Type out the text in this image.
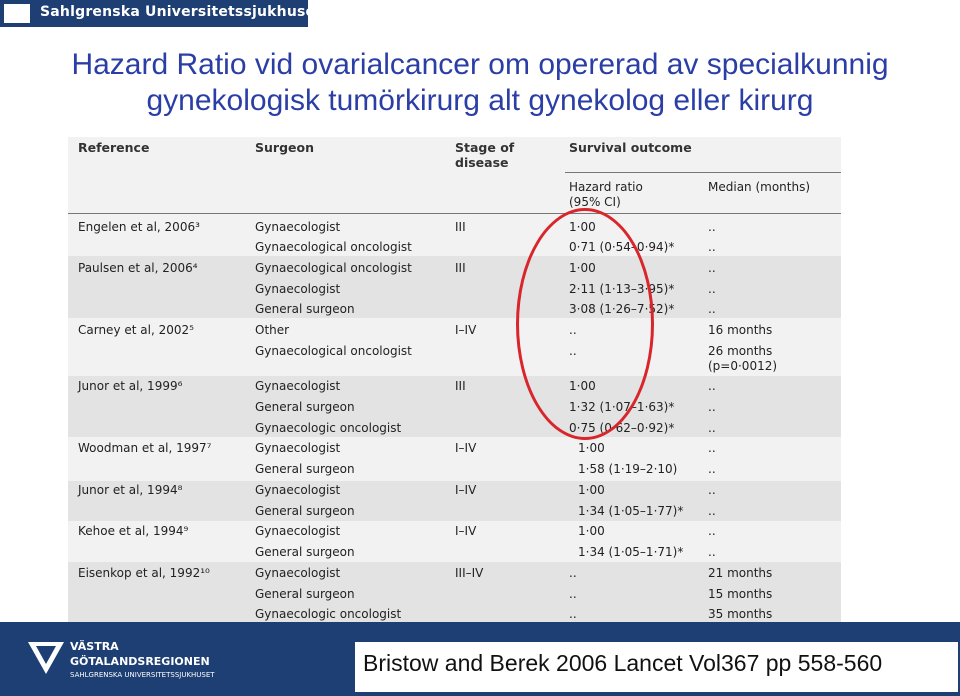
Sahlgrenska Universitetssjukhuset
Hazard Ratio vid ovarialcancer om opererad av specialkunnig
gynekologisk tumörkirurg alt gynekolog eller kirurg
Reference	Surgeon	Stage of
disease
Survival outcome
Hazard ratio
(95% CI)
Median (months)
Engelen et al, 2006³	Gynaecologist	III	1·00	..
Gynaecological oncologist	0·71 (0·54–0·94)*	..
Paulsen et al, 2006⁴	Gynaecological oncologist	III	1·00	..
Gynaecologist	2·11 (1·13–3·95)*	..
General surgeon	3·08 (1·26–7·52)*	..
Carney et al, 2002⁵	Other	I–IV	..	16 months
Gynaecological oncologist	..	26 months
(p=0·0012)
Junor et al, 1999⁶	Gynaecologist	III	1·00	..
General surgeon	1·32 (1·07–1·63)*	..
Gynaecologic oncologist	0·75 (0·62–0·92)*	..
Woodman et al, 1997⁷	Gynaecologist	I–IV	1·00	..
General surgeon	1·58 (1·19–2·10)	..
Junor et al, 1994⁸	Gynaecologist	I–IV	1·00	..
General surgeon	1·34 (1·05–1·77)* ..
Kehoe et al, 1994⁹	Gynaecologist	I–IV	1·00	..
General surgeon	1·34 (1·05–1·71)* ..
Eisenkop et al, 1992¹⁰	Gynaecologist	III–IV	..	21 months
General surgeon	..	15 months
Gynaecologic oncologist	..	35 months
VÄSTRA
GÖTALANDSREGIONEN
SAHLGRENSKA UNIVERSITETSSJUKHUSET	Bristow and Berek 2006 Lancet Vol367 pp 558-560
